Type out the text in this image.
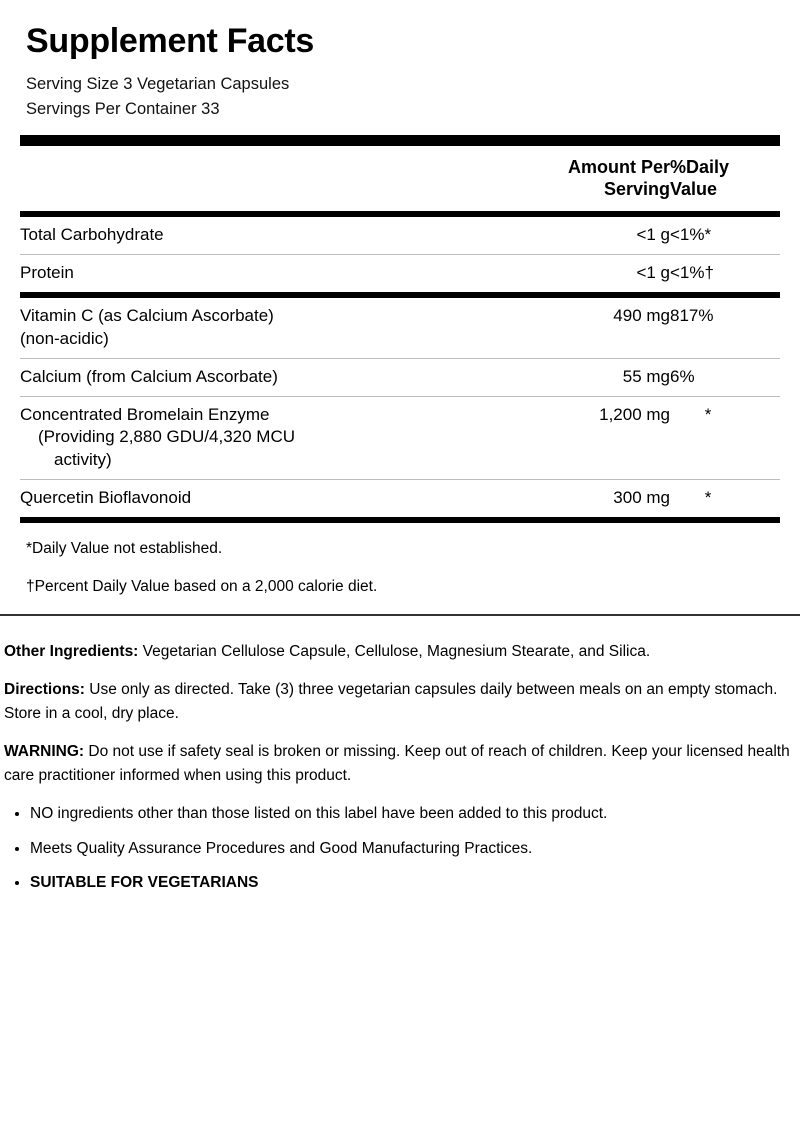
Supplement Facts
Serving Size 3 Vegetarian Capsules
Servings Per Container 33
	Amount Per
Serving	%Daily
Value
Total Carbohydrate	<1 g	<1%*
Protein	<1 g	<1%†
Vitamin C (as Calcium Ascorbate)
(non-acidic)
	490 mg	817%
Calcium (from Calcium Ascorbate)	55 mg	6%
Concentrated Bromelain Enzyme
(Providing 2,880 GDU/4,320 MCU
activity)
	1,200 mg	*
Quercetin Bioflavonoid	300 mg	*

*Daily Value not established.

†Percent Daily Value based on a 2,000 calorie diet.

Other Ingredients: Vegetarian Cellulose Capsule, Cellulose, Magnesium Stearate, and Silica.

Directions: Use only as directed. Take (3) three vegetarian capsules daily between meals on an empty stomach. Store in a cool, dry place.

WARNING: Do not use if safety seal is broken or missing. Keep out of reach of children. Keep your licensed health care practitioner informed when using this product.

• NO ingredients other than those listed on this label have been added to this product.
• Meets Quality Assurance Procedures and Good Manufacturing Practices.
• SUITABLE FOR VEGETARIANS
